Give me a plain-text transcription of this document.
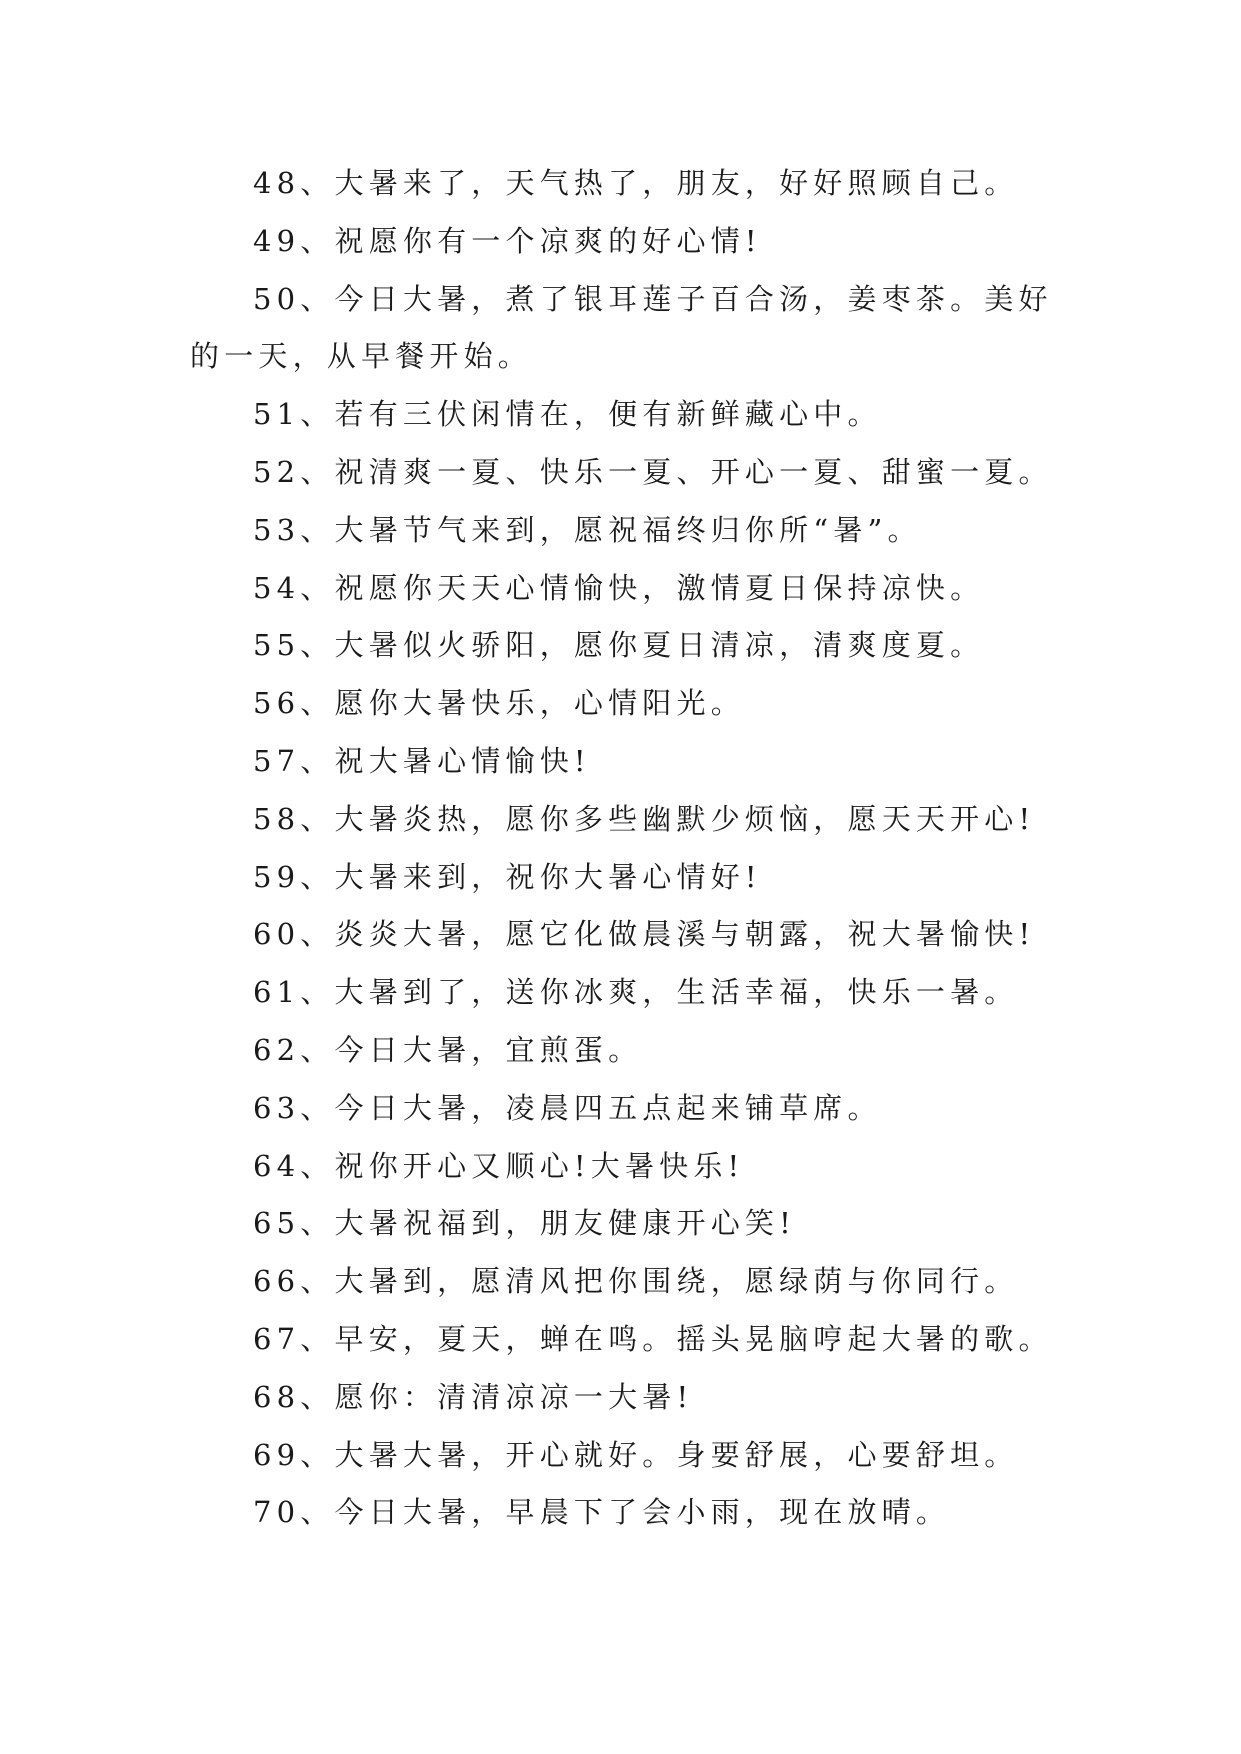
48、大暑来了，天气热了，朋友，好好照顾自己。

49、祝愿你有一个凉爽的好心情!

50、今日大暑，煮了银耳莲子百合汤，姜枣茶。美好的一天，从早餐开始。

51、若有三伏闲情在，便有新鲜藏心中。

52、祝清爽一夏、快乐一夏、开心一夏、甜蜜一夏。

53、大暑节气来到，愿祝福终归你所“暑”。

54、祝愿你天天心情愉快，激情夏日保持凉快。

55、大暑似火骄阳，愿你夏日清凉，清爽度夏。

56、愿你大暑快乐，心情阳光。

57、祝大暑心情愉快!

58、大暑炎热，愿你多些幽默少烦恼，愿天天开心!

59、大暑来到，祝你大暑心情好!

60、炎炎大暑，愿它化做晨溪与朝露，祝大暑愉快!

61、大暑到了，送你冰爽，生活幸福，快乐一暑。

62、今日大暑，宜煎蛋。

63、今日大暑，凌晨四五点起来铺草席。

64、祝你开心又顺心!大暑快乐!

65、大暑祝福到，朋友健康开心笑!

66、大暑到，愿清风把你围绕，愿绿荫与你同行。

67、早安，夏天，蝉在鸣。摇头晃脑哼起大暑的歌。

68、愿你：清清凉凉一大暑!

69、大暑大暑，开心就好。身要舒展，心要舒坦。

70、今日大暑，早晨下了会小雨，现在放晴。
